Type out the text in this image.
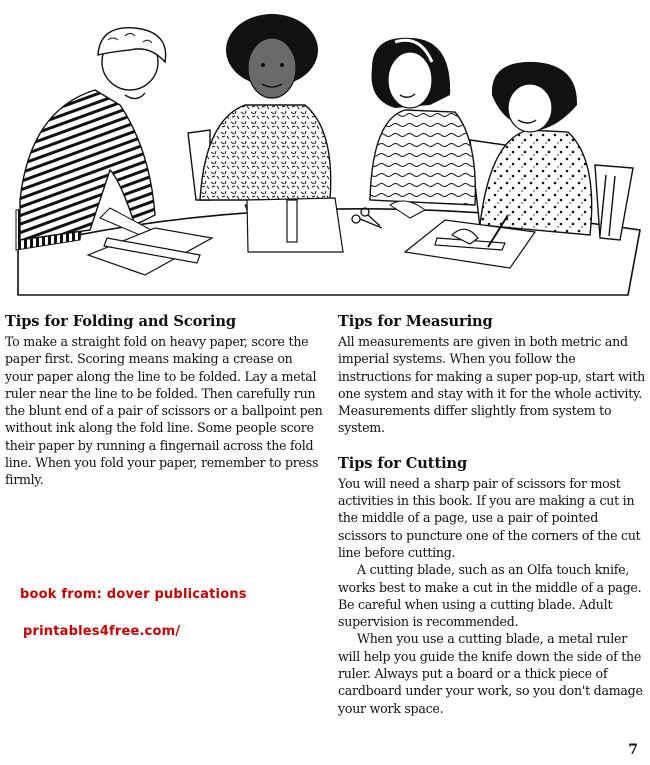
Tips for Folding and Scoring

To make a straight fold on heavy paper, score the paper first. Scoring means making a crease on your paper along the line to be folded. Lay a metal ruler near the line to be folded. Then carefully run the blunt end of a pair of scissors or a ballpoint pen without ink along the fold line. Some people score their paper by running a fingernail across the fold line. When you fold your paper, remember to press firmly.

book from: dover publications
printables4free.com/
Tips for Measuring

All measurements are given in both metric and imperial systems. When you follow the instructions for making a super pop-up, start with one system and stay with it for the whole activity. Measurements differ slightly from system to system.

Tips for Cutting

You will need a sharp pair of scissors for most activities in this book. If you are making a cut in the middle of a page, use a pair of pointed scissors to puncture one of the corners of the cut line before cutting.

A cutting blade, such as an Olfa touch knife, works best to make a cut in the middle of a page. Be careful when using a cutting blade. Adult supervision is recommended.

When you use a cutting blade, a metal ruler will help you guide the knife down the side of the ruler. Always put a board or a thick piece of cardboard under your work, so you don't damage your work space.

7
